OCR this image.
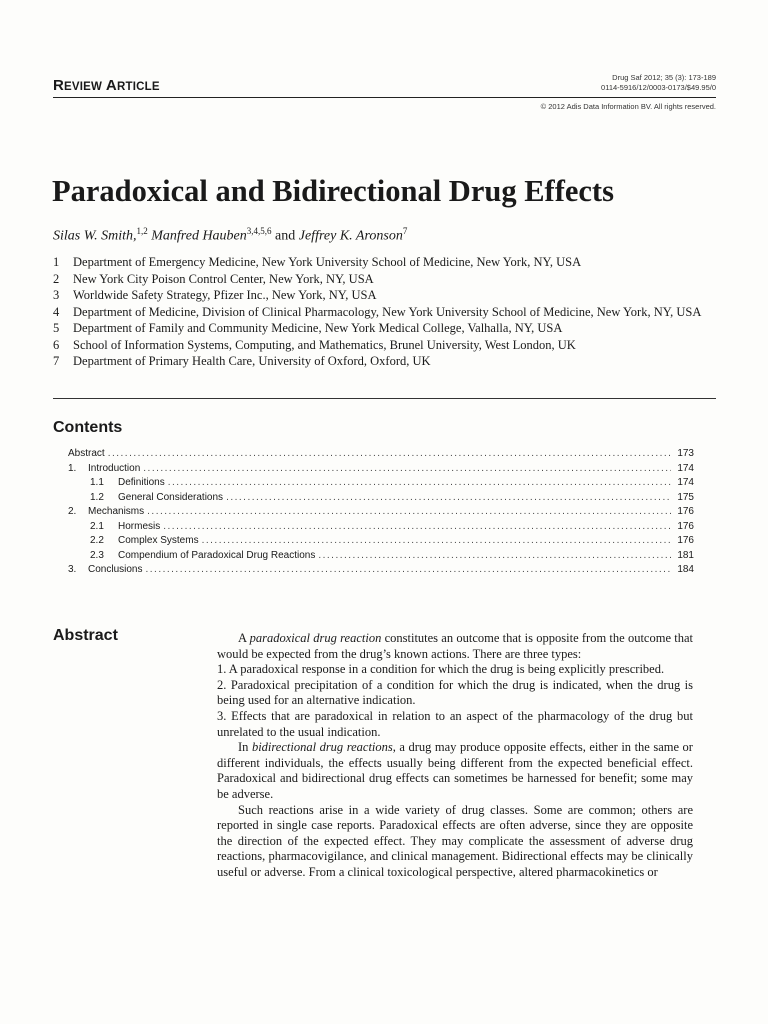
REVIEW ARTICLE
Drug Saf 2012; 35 (3): 173-189
0114-5916/12/0003-0173/$49.95/0
© 2012 Adis Data Information BV. All rights reserved.
Paradoxical and Bidirectional Drug Effects
Silas W. Smith,$^{1,2}$ Manfred Hauben$^{3,4,5,6}$ and Jeffrey K. Aronson$^7$
1	Department of Emergency Medicine, New York University School of Medicine, New York, NY, USA
2	New York City Poison Control Center, New York, NY, USA
3	Worldwide Safety Strategy, Pfizer Inc., New York, NY, USA
4	Department of Medicine, Division of Clinical Pharmacology, New York University School of Medicine, New York, NY, USA
5	Department of Family and Community Medicine, New York Medical College, Valhalla, NY, USA
6	School of Information Systems, Computing, and Mathematics, Brunel University, West London, UK
7	Department of Primary Health Care, University of Oxford, Oxford, UK
Contents
Abstract .....	173
1.	Introduction .....	174
1.1	Definitions .....	174
1.2	General Considerations .....	175
2.	Mechanisms .....	176
2.1	Hormesis .....	176
2.2	Complex Systems .....	176
2.3	Compendium of Paradoxical Drug Reactions .....	181
3.	Conclusions .....	184
Abstract	A paradoxical drug reaction constitutes an outcome that is opposite from the outcome that would be expected from the drug’s known actions. There are three types:

1. A paradoxical response in a condition for which the drug is being explicitly prescribed.

2. Paradoxical precipitation of a condition for which the drug is indicated, when the drug is being used for an alternative indication.

3. Effects that are paradoxical in relation to an aspect of the pharmacology of the drug but unrelated to the usual indication.

In bidirectional drug reactions, a drug may produce opposite effects, either in the same or different individuals, the effects usually being different from the expected beneficial effect. Paradoxical and bidirectional drug effects can sometimes be harnessed for benefit; some may be adverse.

Such reactions arise in a wide variety of drug classes. Some are common; others are reported in single case reports. Paradoxical effects are often adverse, since they are opposite the direction of the expected effect. They may complicate the assessment of adverse drug reactions, pharmacovigilance, and clinical management. Bidirectional effects may be clinically useful or adverse. From a clinical toxicological perspective, altered pharmacokinetics or
